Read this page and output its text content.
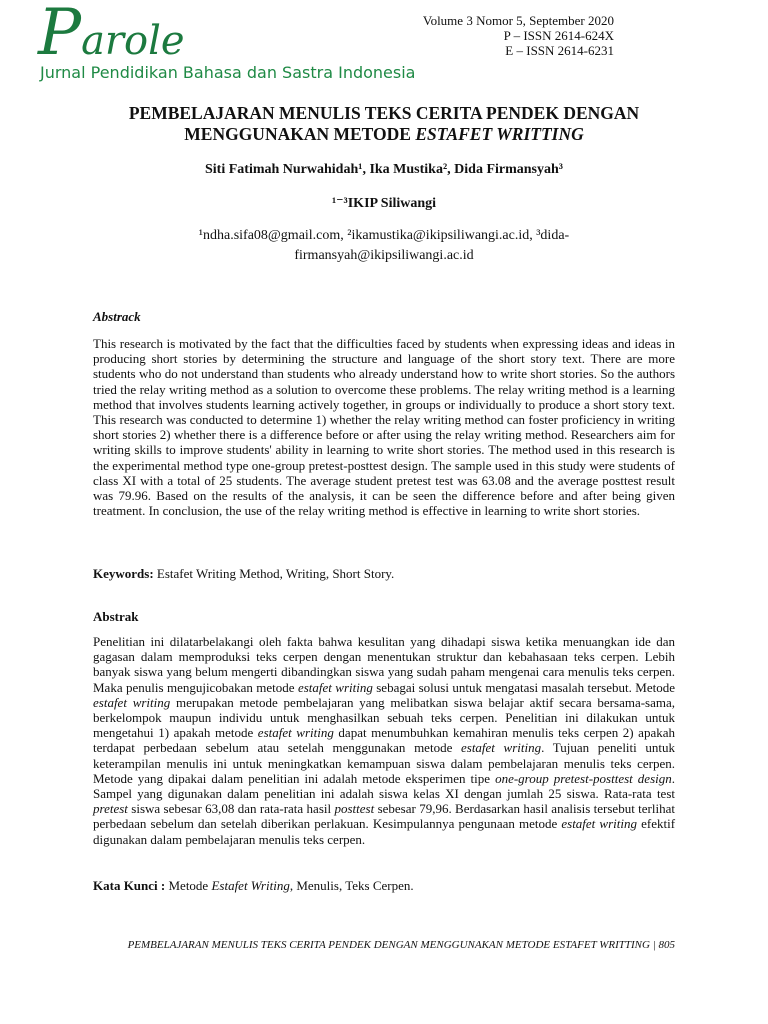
Parole
Jurnal Pendidikan Bahasa dan Sastra Indonesia
Volume 3 Nomor 5, September 2020
P – ISSN 2614-624X
E – ISSN 2614-6231
PEMBELAJARAN MENULIS TEKS CERITA PENDEK DENGAN
MENGGUNAKAN METODE ESTAFET WRITTING
Siti Fatimah Nurwahidah¹, Ika Mustika², Dida Firmansyah³
¹⁻³IKIP Siliwangi
¹ndha.sifa08@gmail.com, ²ikamustika@ikipsiliwangi.ac.id, ³dida-firmansyah@ikipsiliwangi.ac.id
Abstrack

This research is motivated by the fact that the difficulties faced by students when expressing ideas and ideas in producing short stories by determining the structure and language of the short story text. There are more students who do not understand than students who already understand how to write short stories. So the authors tried the relay writing method as a solution to overcome these problems. The relay writing method is a learning method that involves students learning actively together, in groups or individually to produce a short story text. This research was conducted to determine 1) whether the relay writing method can foster proficiency in writing short stories 2) whether there is a difference before or after using the relay writing method. Researchers aim for writing skills to improve students' ability in learning to write short stories. The method used in this research is the experimental method type one-group pretest-posttest design. The sample used in this study were students of class XI with a total of 25 students. The average student pretest test was 63.08 and the average posttest result was 79.96. Based on the results of the analysis, it can be seen the difference before and after being given treatment. In conclusion, the use of the relay writing method is effective in learning to write short stories.

Keywords: Estafet Writing Method, Writing, Short Story.
Abstrak

Penelitian ini dilatarbelakangi oleh fakta bahwa kesulitan yang dihadapi siswa ketika menuangkan ide dan gagasan dalam memproduksi teks cerpen dengan menentukan struktur dan kebahasaan teks cerpen. Lebih banyak siswa yang belum mengerti dibandingkan siswa yang sudah paham mengenai cara menulis teks cerpen. Maka penulis mengujicobakan metode estafet writing sebagai solusi untuk mengatasi masalah tersebut. Metode estafet writing merupakan metode pembelajaran yang melibatkan siswa belajar aktif secara bersama-sama, berkelompok maupun individu untuk menghasilkan sebuah teks cerpen. Penelitian ini dilakukan untuk mengetahui 1) apakah metode estafet writing dapat menumbuhkan kemahiran menulis teks cerpen 2) apakah terdapat perbedaan sebelum atau setelah menggunakan metode estafet writing. Tujuan peneliti untuk keterampilan menulis ini untuk meningkatkan kemampuan siswa dalam pembelajaran menulis teks cerpen. Metode yang dipakai dalam penelitian ini adalah metode eksperimen tipe one-group pretest-posttest design. Sampel yang digunakan dalam penelitian ini adalah siswa kelas XI dengan jumlah 25 siswa. Rata-rata test pretest siswa sebesar 63,08 dan rata-rata hasil posttest sebesar 79,96. Berdasarkan hasil analisis tersebut terlihat perbedaan sebelum dan setelah diberikan perlakuan. Kesimpulannya pengunaan metode estafet writing efektif digunakan dalam pembelajaran menulis teks cerpen.

Kata Kunci : Metode Estafet Writing, Menulis, Teks Cerpen.
PEMBELAJARAN MENULIS TEKS CERITA PENDEK DENGAN MENGGUNAKAN METODE ESTAFET WRITTING | 805
